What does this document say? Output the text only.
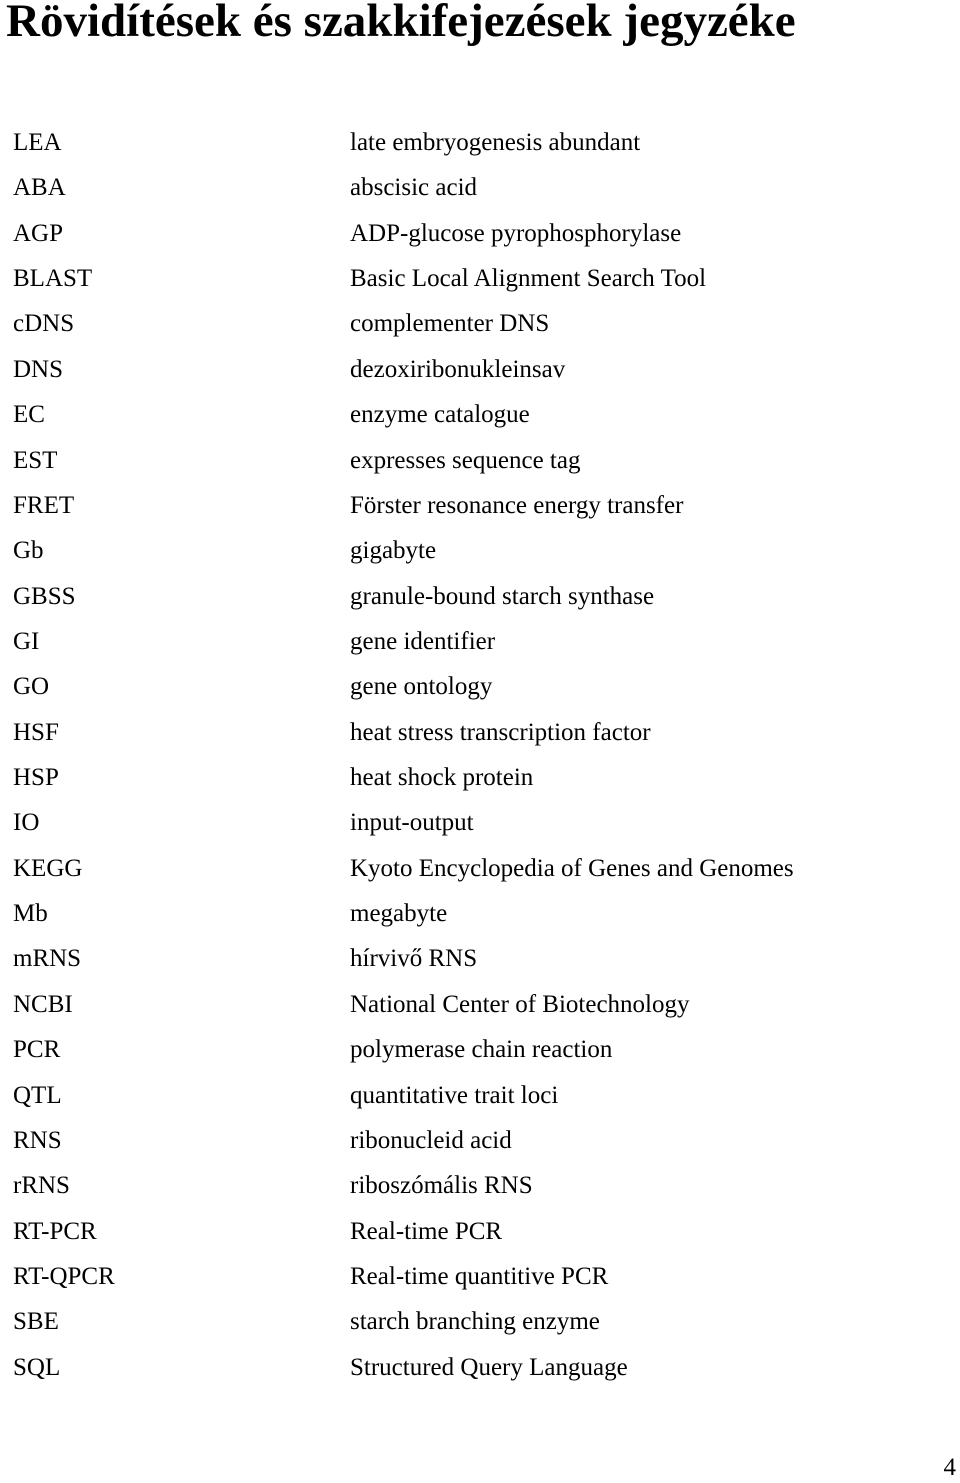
Rövidítések és szakkifejezések jegyzéke
LEA	late embryogenesis abundant
ABA	abscisic acid
AGP	ADP-glucose pyrophosphorylase
BLAST	Basic Local Alignment Search Tool
cDNS	complementer DNS
DNS	dezoxiribonukleinsav
EC	enzyme catalogue
EST	expresses sequence tag
FRET	Förster resonance energy transfer
Gb	gigabyte
GBSS	granule-bound starch synthase
GI	gene identifier
GO	gene ontology
HSF	heat stress transcription factor
HSP	heat shock protein
IO	input-output
KEGG	Kyoto Encyclopedia of Genes and Genomes
Mb	megabyte
mRNS	hírvivő RNS
NCBI	National Center of Biotechnology
PCR	polymerase chain reaction
QTL	quantitative trait loci
RNS	ribonucleid acid
rRNS	riboszómális RNS
RT-PCR	Real-time PCR
RT-QPCR	Real-time quantitive PCR
SBE	starch branching enzyme
SQL	Structured Query Language
4
